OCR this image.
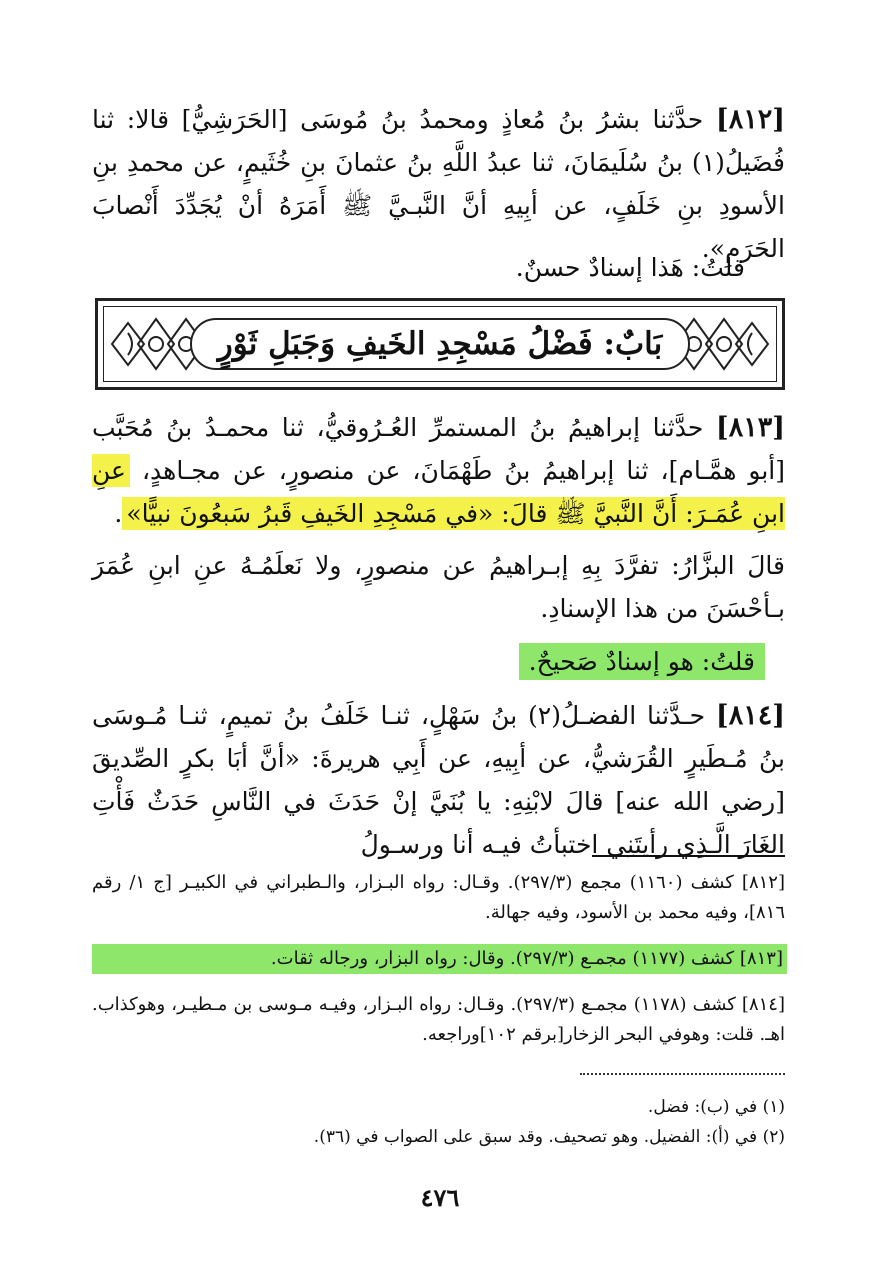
[٨١٢] حدَّثنا بشرُ بنُ مُعاذٍ ومحمدُ بنُ مُوسَى [الحَرَشِيُّ] قالا: ثنا فُضَيلُ(١) بنُ سُلَيمَانَ، ثنا عبدُ اللَّهِ بنُ عثمانَ بنِ خُثَيمٍ، عن محمدِ بنِ الأسودِ بنِ خَلَفٍ، عن أبِيهِ أنَّ النَّبـيَّ ﷺ أَمَرَهُ أنْ يُجَدِّدَ أَنْصابَ الحَرَمِ».
قلتُ: هَذا إسنادٌ حسنٌ.
بَابٌ: فَضْلُ مَسْجِدِ الخَيفِ وَجَبَلِ ثَوْرٍ
[٨١٣] حدَّثنا إبراهيمُ بنُ المستمرِّ العُـرُوقيُّ، ثنا محمـدُ بنُ مُحَبَّب [أبو همَّـام]، ثنا إبراهيمُ بنُ طَهْمَانَ، عن منصورٍ، عن مجـاهدٍ، عنِ ابنِ عُمَـرَ: أَنَّ النَّبيَّ ﷺ قالَ: «في مَسْجِدِ الخَيفِ قَبرُ سَبعُونَ نبيًّا».
قالَ البزَّارُ: تفرَّدَ بِهِ إبـراهيمُ عن منصورٍ، ولا نَعلَمُـهُ عنِ ابنِ عُمَرَ بـأحْسَنَ من هذا الإسنادِ.
قلتُ: هو إسنادٌ صَحيحٌ.
[٨١٤] حـدَّثنا الفضـلُ(٢) بنُ سَهْلٍ، ثنـا خَلَفُ بنُ تميمٍ، ثنـا مُـوسَى بنُ مُـطَيرٍ القُرَشيُّ، عن أبِيهِ، عن أَبِي هريرةَ: «أنَّ أبَا بكرٍ الصِّديقَ [رضي الله عنه] قالَ لابْنِهِ: يا بُنَيَّ إنْ حَدَثَ في النَّاسِ حَدَثٌ فَأْتِ الغَارَ الَّـذِي رأيتَنِي اختبأتُ فيـه أنا ورسـولُ
[٨١٢] كشف (١١٦٠) مجمع (٢٩٧/٣). وقـال: رواه البـزار، والـطبراني في الكبيـر [ج ١/ رقم ٨١٦]، وفيه محمد بن الأسود، وفيه جهالة.
[٨١٣] كشف (١١٧٧) مجمـع (٢٩٧/٣). وقال: رواه البزار، ورجاله ثقات.
[٨١٤] كشف (١١٧٨) مجمـع (٢٩٧/٣). وقـال: رواه البـزار، وفيـه مـوسى بن مـطيـر، وهوكذاب. اهـ. قلت: وهوفي البحر الزخار[برقم ١٠٢]وراجعه.
(١) في (ب): فضل.
(٢) في (أ): الفضيل. وهو تصحيف. وقد سبق على الصواب في (٣٦).
٤٧٦
